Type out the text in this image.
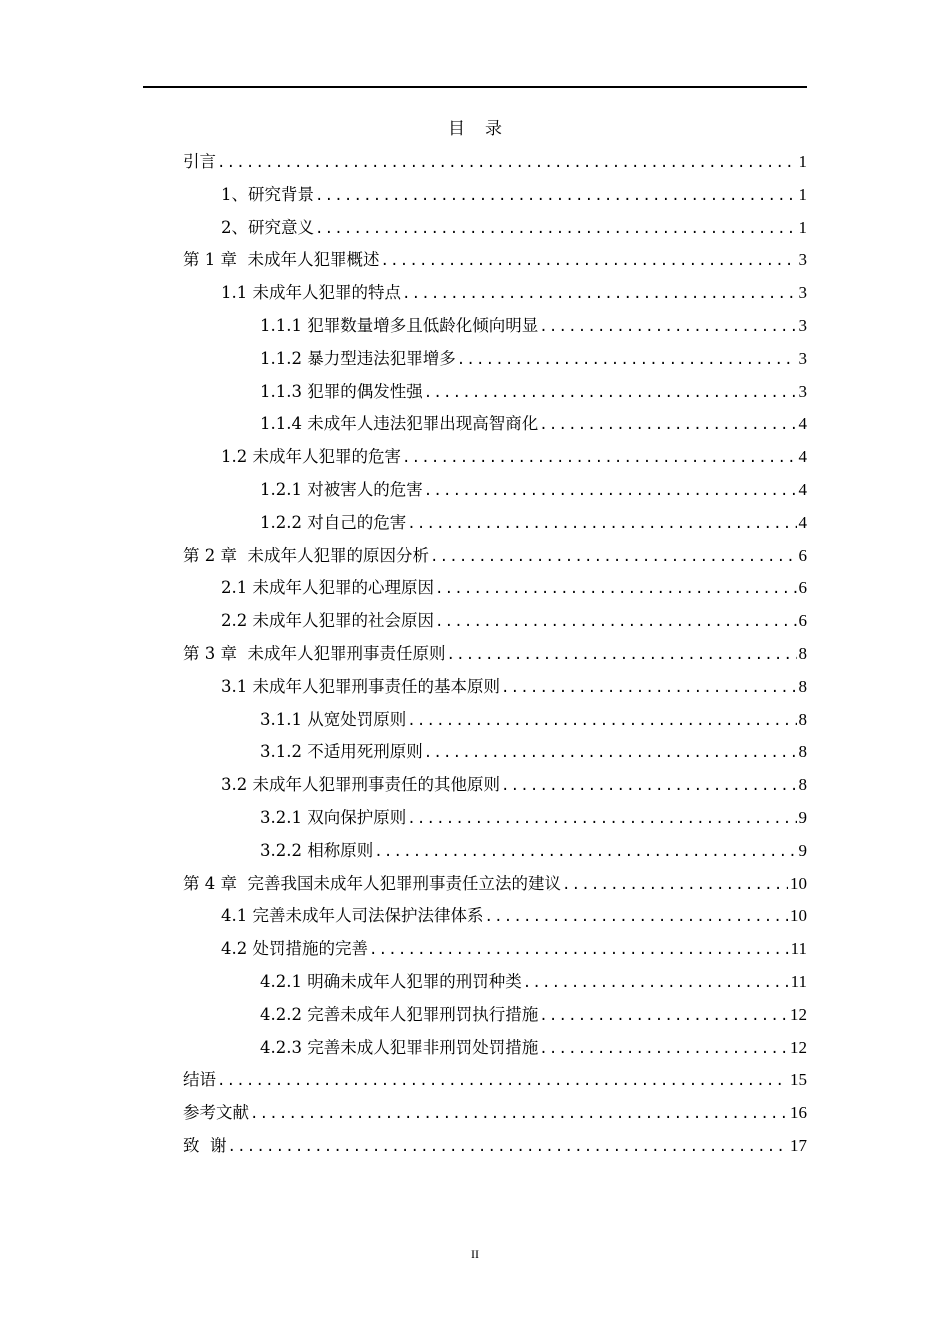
目录
引言 .....	1
1、研究背景 .....	1
2、研究意义 .....	1
第 1 章  未成年人犯罪概述 .....	3
1.1 未成年人犯罪的特点 .....	3
1.1.1 犯罪数量增多且低龄化倾向明显 .....	3
1.1.2 暴力型违法犯罪增多 .....	3
1.1.3 犯罪的偶发性强 .....	3
1.1.4 未成年人违法犯罪出现高智商化 .....	4
1.2 未成年人犯罪的危害 .....	4
1.2.1 对被害人的危害 .....	4
1.2.2 对自己的危害 .....	4
第 2 章  未成年人犯罪的原因分析 .....	6
2.1 未成年人犯罪的心理原因 .....	6
2.2 未成年人犯罪的社会原因 .....	6
第 3 章  未成年人犯罪刑事责任原则 .....	8
3.1 未成年人犯罪刑事责任的基本原则 .....	8
3.1.1 从宽处罚原则 .....	8
3.1.2 不适用死刑原则 .....	8
3.2 未成年人犯罪刑事责任的其他原则 .....	8
3.2.1 双向保护原则 .....	9
3.2.2 相称原则 .....	9
第 4 章  完善我国未成年人犯罪刑事责任立法的建议 .....	10
4.1 完善未成年人司法保护法律体系 .....	10
4.2 处罚措施的完善 .....	11
4.2.1 明确未成年人犯罪的刑罚种类 .....	11
4.2.2 完善未成年人犯罪刑罚执行措施 .....	12
4.2.3 完善未成人犯罪非刑罚处罚措施 .....	12
结语 .....	15
参考文献 .....	16
致  谢 .....	17
II
